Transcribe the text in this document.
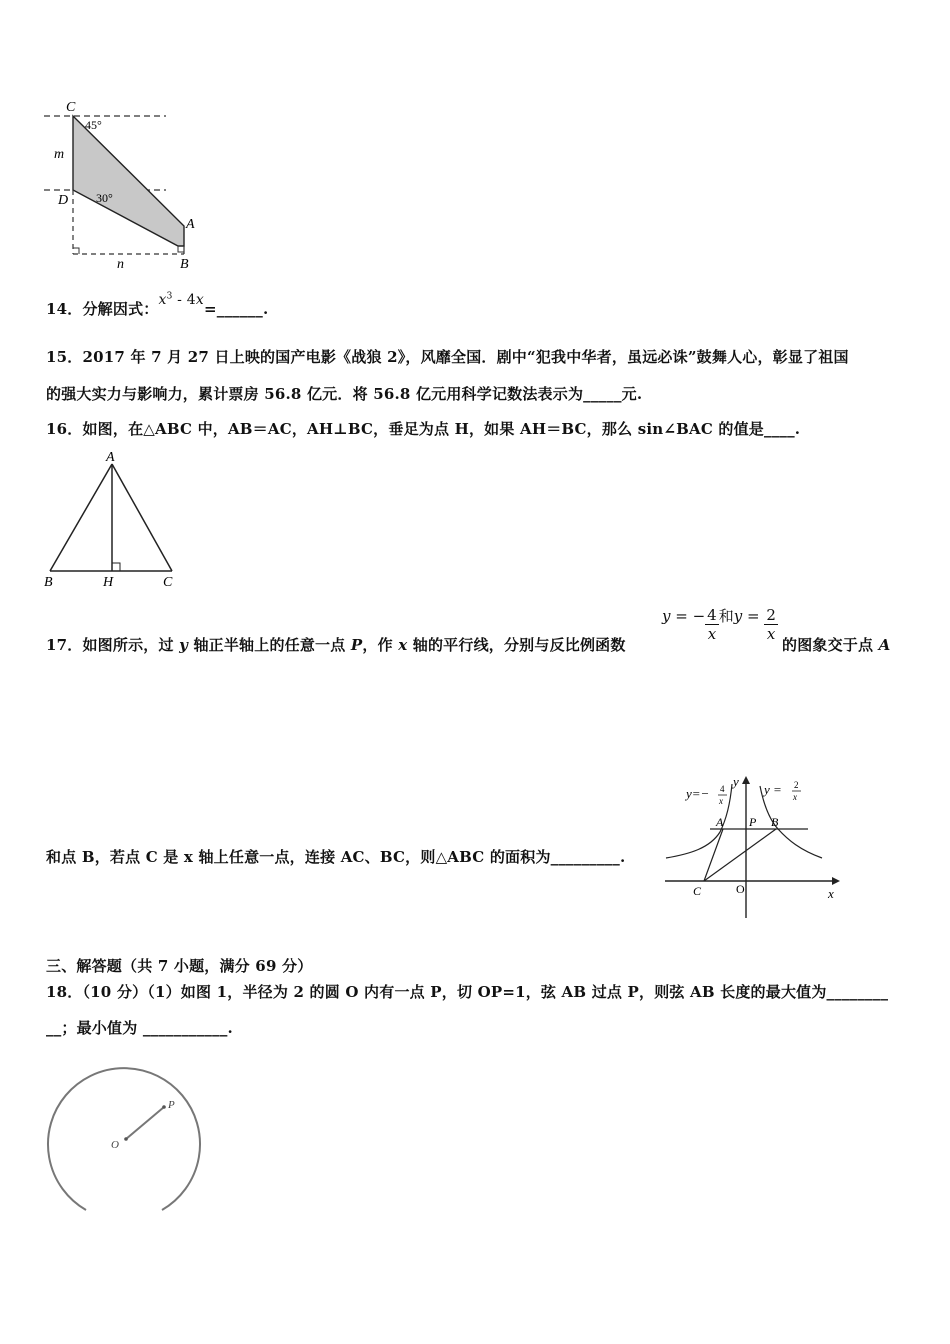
C
45°
m
D 30°
A
B
n
14．分解因式：$x^3$ - 4x=______.
15．2017 年 7 月 27 日上映的国产电影《战狼 2》，风靡全国．剧中“犯我中华者，虽远必诛”鼓舞人心，彰显了祖国
的强大实力与影响力，累计票房 56.8 亿元．将 56.8 亿元用科学记数法表示为_____元.
16．如图，在△ABC 中，AB＝AC，AH⊥BC，垂足为点 H，如果 AH＝BC，那么 sin∠BAC 的值是____.
A
B	H	C
17．如图所示，过 y 轴正半轴上的任意一点 P，作 x 轴的平行线，分别与反比例函数
y = − $\frac{4}{x}$ 和$y = \frac{2}{x}$
的图象交于点 A
和点 B，若点 C 是 x 轴上任意一点，连接 AC、BC，则△ABC 的面积为_________.
y=− 4
x
y
y = 2
x
A P B
C	O	x
三、解答题（共 7 小题，满分 69 分）
18．（10 分）（1）如图 1，半径为 2 的圆 O 内有一点 P，切 OP=1，弦 AB 过点 P，则弦 AB 长度的最大值为________
__；最小值为 ___________.
O
P
